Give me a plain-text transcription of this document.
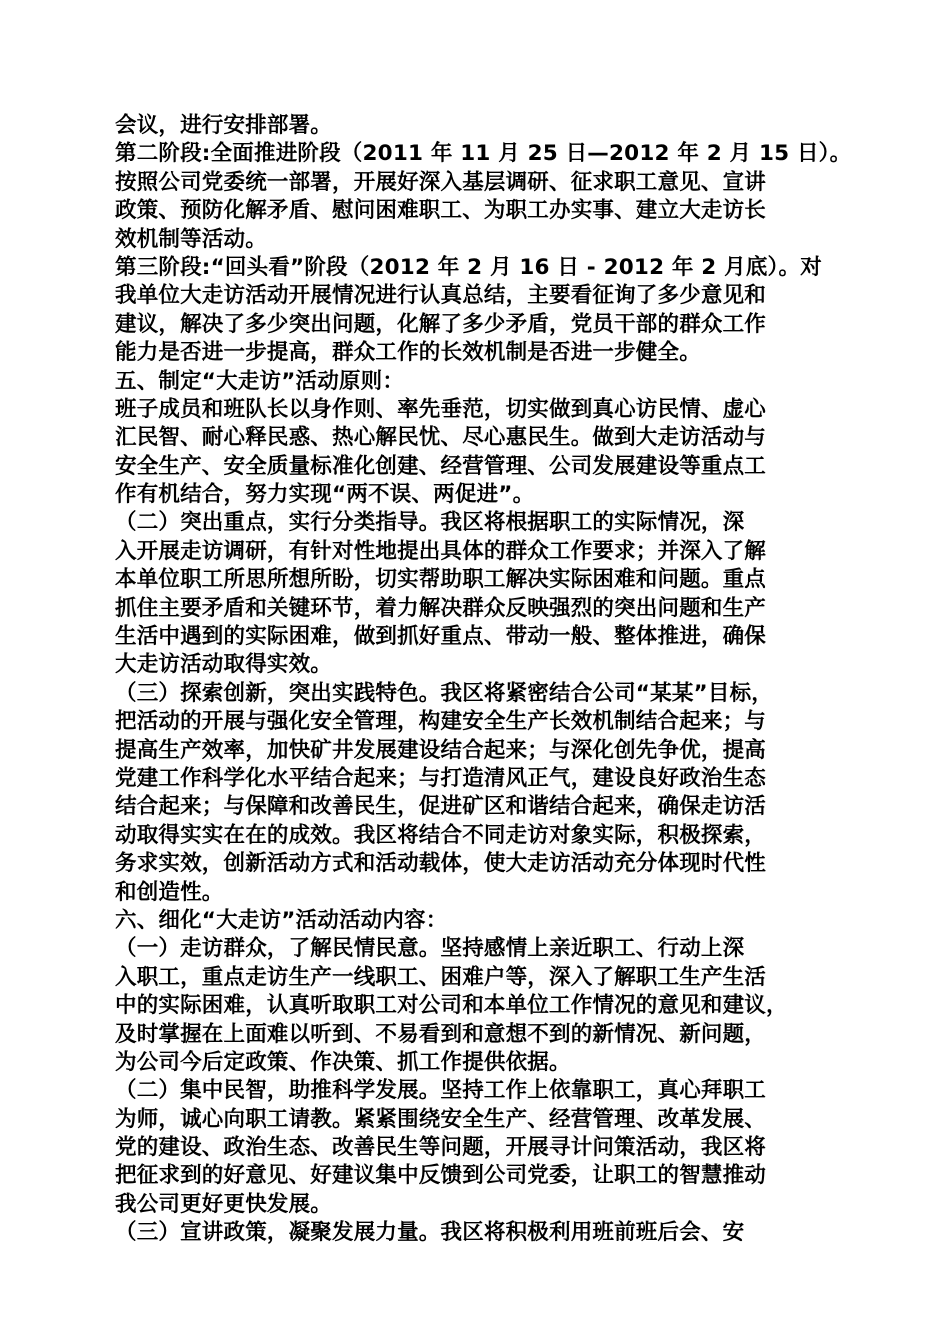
会议，进行安排部署。
第二阶段:全面推进阶段（2011 年 11 月 25 日—2012 年 2 月 15 日）。
按照公司党委统一部署，开展好深入基层调研、征求职工意见、宣讲
政策、预防化解矛盾、慰问困难职工、为职工办实事、建立大走访长
效机制等活动。
第三阶段:“回头看”阶段（2012 年 2 月 16 日 - 2012 年 2 月底）。对
我单位大走访活动开展情况进行认真总结，主要看征询了多少意见和
建议，解决了多少突出问题，化解了多少矛盾，党员干部的群众工作
能力是否进一步提高，群众工作的长效机制是否进一步健全。
五、制定“大走访”活动原则：
班子成员和班队长以身作则、率先垂范，切实做到真心访民情、虚心
汇民智、耐心释民惑、热心解民忧、尽心惠民生。做到大走访活动与
安全生产、安全质量标准化创建、经营管理、公司发展建设等重点工
作有机结合，努力实现“两不误、两促进”。
（二）突出重点，实行分类指导。我区将根据职工的实际情况，深
入开展走访调研，有针对性地提出具体的群众工作要求；并深入了解
本单位职工所思所想所盼，切实帮助职工解决实际困难和问题。重点
抓住主要矛盾和关键环节，着力解决群众反映强烈的突出问题和生产
生活中遇到的实际困难，做到抓好重点、带动一般、整体推进，确保
大走访活动取得实效。
（三）探索创新，突出实践特色。我区将紧密结合公司“某某”目标，
把活动的开展与强化安全管理，构建安全生产长效机制结合起来；与
提高生产效率，加快矿井发展建设结合起来；与深化创先争优，提高
党建工作科学化水平结合起来；与打造清风正气，建设良好政治生态
结合起来；与保障和改善民生，促进矿区和谐结合起来，确保走访活
动取得实实在在的成效。我区将结合不同走访对象实际，积极探索，
务求实效，创新活动方式和活动载体，使大走访活动充分体现时代性
和创造性。
六、细化“大走访”活动活动内容：
（一）走访群众，了解民情民意。坚持感情上亲近职工、行动上深
入职工，重点走访生产一线职工、困难户等，深入了解职工生产生活
中的实际困难，认真听取职工对公司和本单位工作情况的意见和建议，
及时掌握在上面难以听到、不易看到和意想不到的新情况、新问题，
为公司今后定政策、作决策、抓工作提供依据。
（二）集中民智，助推科学发展。坚持工作上依靠职工，真心拜职工
为师，诚心向职工请教。紧紧围绕安全生产、经营管理、改革发展、
党的建设、政治生态、改善民生等问题，开展寻计问策活动，我区将
把征求到的好意见、好建议集中反馈到公司党委，让职工的智慧推动
我公司更好更快发展。
（三）宣讲政策，凝聚发展力量。我区将积极利用班前班后会、安
